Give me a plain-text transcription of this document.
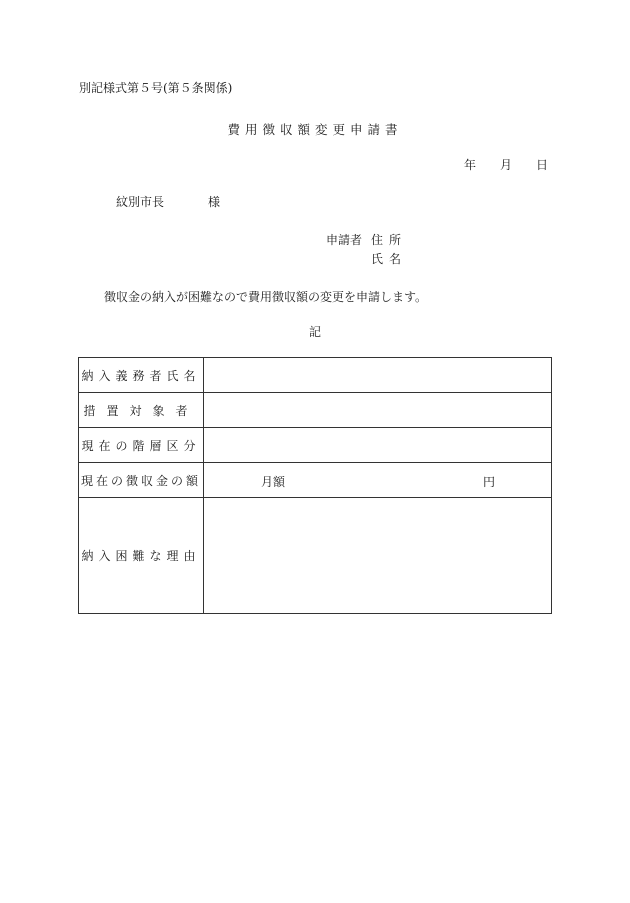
別記様式第５号(第５条関係)
費用徴収額変更申請書
年 月 日
紋別市長	様
申請者 住所
氏名
徴収金の納入が困難なので費用徴収額の変更を申請します。
記
納入義務者氏名	
措置対象者	
現在の階層区分	
現在の徴収金の額	月額 円

納入困難な理由	
